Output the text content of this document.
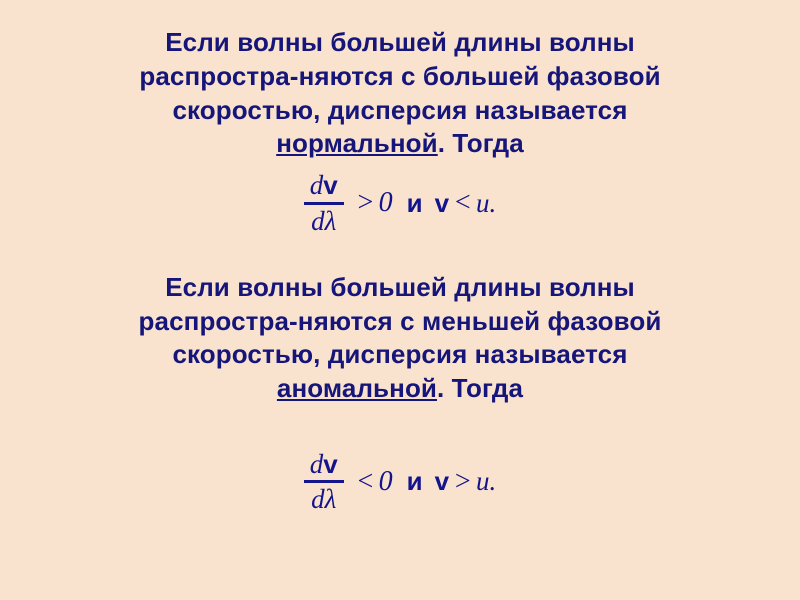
Если волны большей длины волны
распростра-няются с большей фазовой
скоростью, дисперсия называется
нормальной. Тогда
$\frac{dv}{d\lambda} > 0$ и v < u .
Если волны большей длины волны
распростра-няются с меньшей фазовой
скоростью, дисперсия называется
аномальной. Тогда
$\frac{dv}{d\lambda} < 0$ и v > u .
